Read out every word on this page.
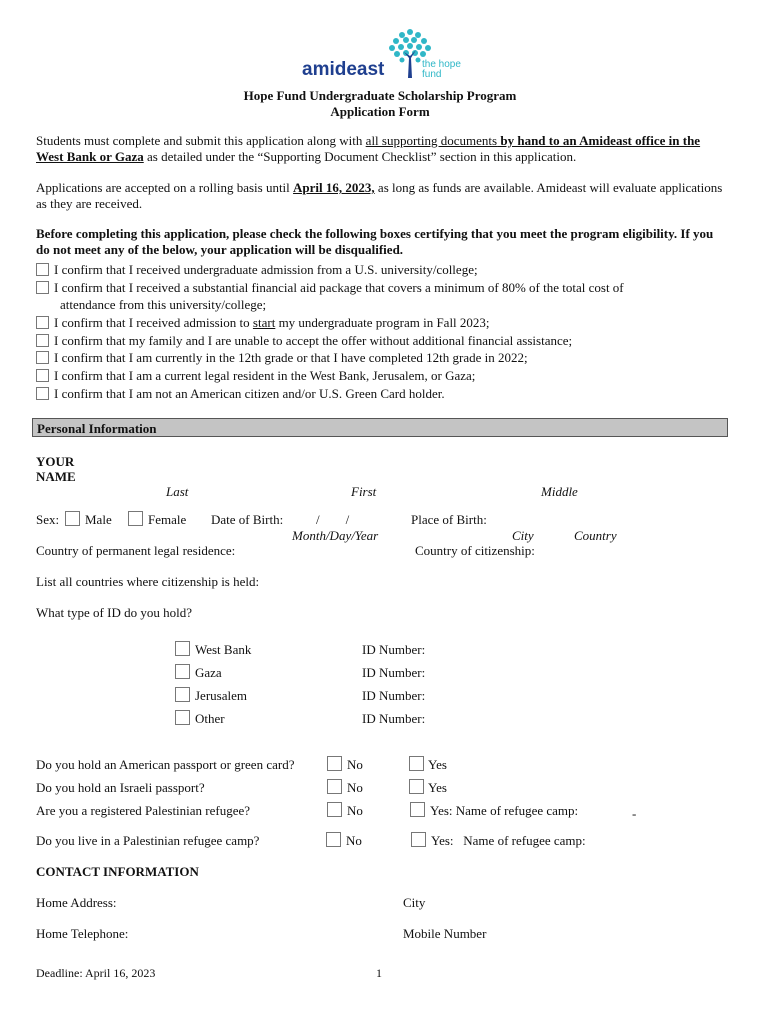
amideast	the hope fund
Hope Fund Undergraduate Scholarship Program
Application Form
Students must complete and submit this application along with all supporting documents by hand to an Amideast office in the West Bank or Gaza as detailed under the “Supporting Document Checklist” section in this application.
Applications are accepted on a rolling basis until April 16, 2023, as long as funds are available. Amideast will evaluate applications as they are received.
Before completing this application, please check the following boxes certifying that you meet the program eligibility. If you do not meet any of the below, your application will be disqualified.
I confirm that I received undergraduate admission from a U.S. university/college;
I confirm that I received a substantial financial aid package that covers a minimum of 80% of the total cost of
attendance from this university/college;
I confirm that I received admission to start my undergraduate program in Fall 2023;
I confirm that my family and I are unable to accept the offer without additional financial assistance;
I confirm that I am currently in the 12th grade or that I have completed 12th grade in 2022;
I confirm that I am a current legal resident in the West Bank, Jerusalem, or Gaza;
I confirm that I am not an American citizen and/or U.S. Green Card holder.
Personal Information
YOUR NAME
Last	First	Middle
Sex: Male	Female Date of Birth:	/        /
Month/Day/Year
Place of Birth:
City	Country
Country of permanent legal residence:	Country of citizenship:
List all countries where citizenship is held:
What type of ID do you hold?
West Bank	ID Number:
Gaza	ID Number:
Jerusalem	ID Number:
Other	ID Number:
Do you hold an American passport or green card?	No	Yes
Do you hold an Israeli passport?	No	Yes
Are you a registered Palestinian refugee?	No	Yes: Name of refugee camp:	-
Do you live in a Palestinian refugee camp?	No	Yes:   Name of refugee camp:
CONTACT INFORMATION
Home Address:	City
Home Telephone:	Mobile Number
Deadline: April 16, 2023	1
